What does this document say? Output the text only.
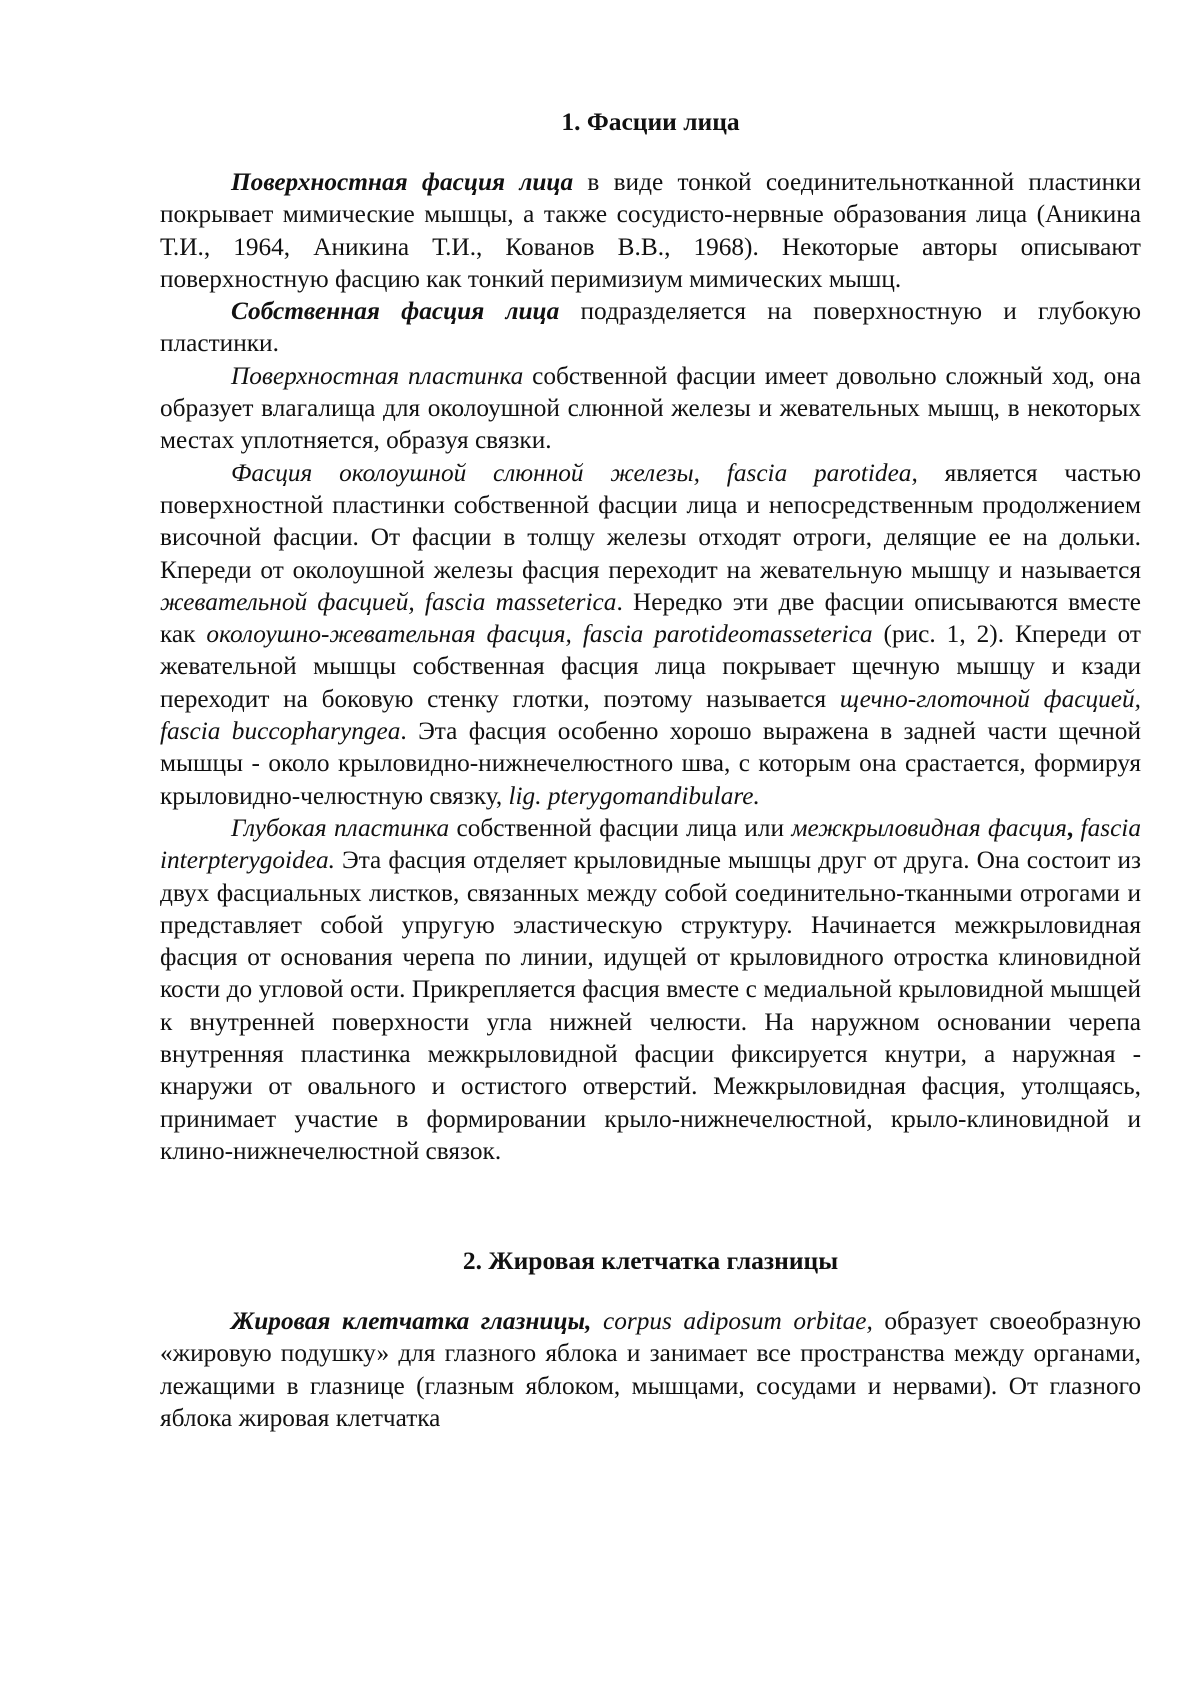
1. Фасции лица

Поверхностная фасция лица в виде тонкой соединительнотканной пластинки покрывает мимические мышцы, а также сосудисто-нервные образования лица (Аникина Т.И., 1964, Аникина Т.И., Кованов В.В., 1968). Некоторые авторы описывают поверхностную фасцию как тонкий перимизиум мимических мышц.

Собственная фасция лица подразделяется на поверхностную и глубокую пластинки.

Поверхностная пластинка собственной фасции имеет довольно сложный ход, она образует влагалища для околоушной слюнной железы и жевательных мышц, в некоторых местах уплотняется, образуя связки.

Фасция околоушной слюнной железы, fascia parotidea, является частью поверхностной пластинки собственной фасции лица и непосредственным продолжением височной фасции. От фасции в толщу железы отходят отроги, делящие ее на дольки. Кпереди от околоушной железы фасция переходит на жевательную мышцу и называется жевательной фасцией, fascia masseterica. Нередко эти две фасции описываются вместе как околоушно-жевательная фасция, fascia parotideomasseterica (рис. 1, 2). Кпереди от жевательной мышцы собственная фасция лица покрывает щечную мышцу и кзади переходит на боковую стенку глотки, поэтому называется щечно-глоточной фасцией, fascia buccopharyngea. Эта фасция особенно хорошо выражена в задней части щечной мышцы - около крыловидно-нижнечелюстного шва, с которым она срастается, формируя крыловидно-челюстную связку, lig. pterygomandibulare.

Глубокая пластинка собственной фасции лица или межкрыловидная фасция, fascia interpterygoidea. Эта фасция отделяет крыловидные мышцы друг от друга. Она состоит из двух фасциальных листков, связанных между собой соединительно-тканными отрогами и представляет собой упругую эластическую структуру. Начинается межкрыловидная фасция от основания черепа по линии, идущей от крыловидного отростка клиновидной кости до угловой ости. Прикрепляется фасция вместе с медиальной крыловидной мышцей к внутренней поверхности угла нижней челюсти. На наружном основании черепа внутренняя пластинка межкрыловидной фасции фиксируется кнутри, а наружная - кнаружи от овального и остистого отверстий. Межкрыловидная фасция, утолщаясь, принимает участие в формировании крыло-нижнечелюстной, крыло-клиновидной и клино-нижнечелюстной связок.

2. Жировая клетчатка глазницы

Жировая клетчатка глазницы, corpus adiposum orbitae, образует своеобразную «жировую подушку» для глазного яблока и занимает все пространства между органами, лежащими в глазнице (глазным яблоком, мышцами, сосудами и нервами). От глазного яблока жировая клетчатка
